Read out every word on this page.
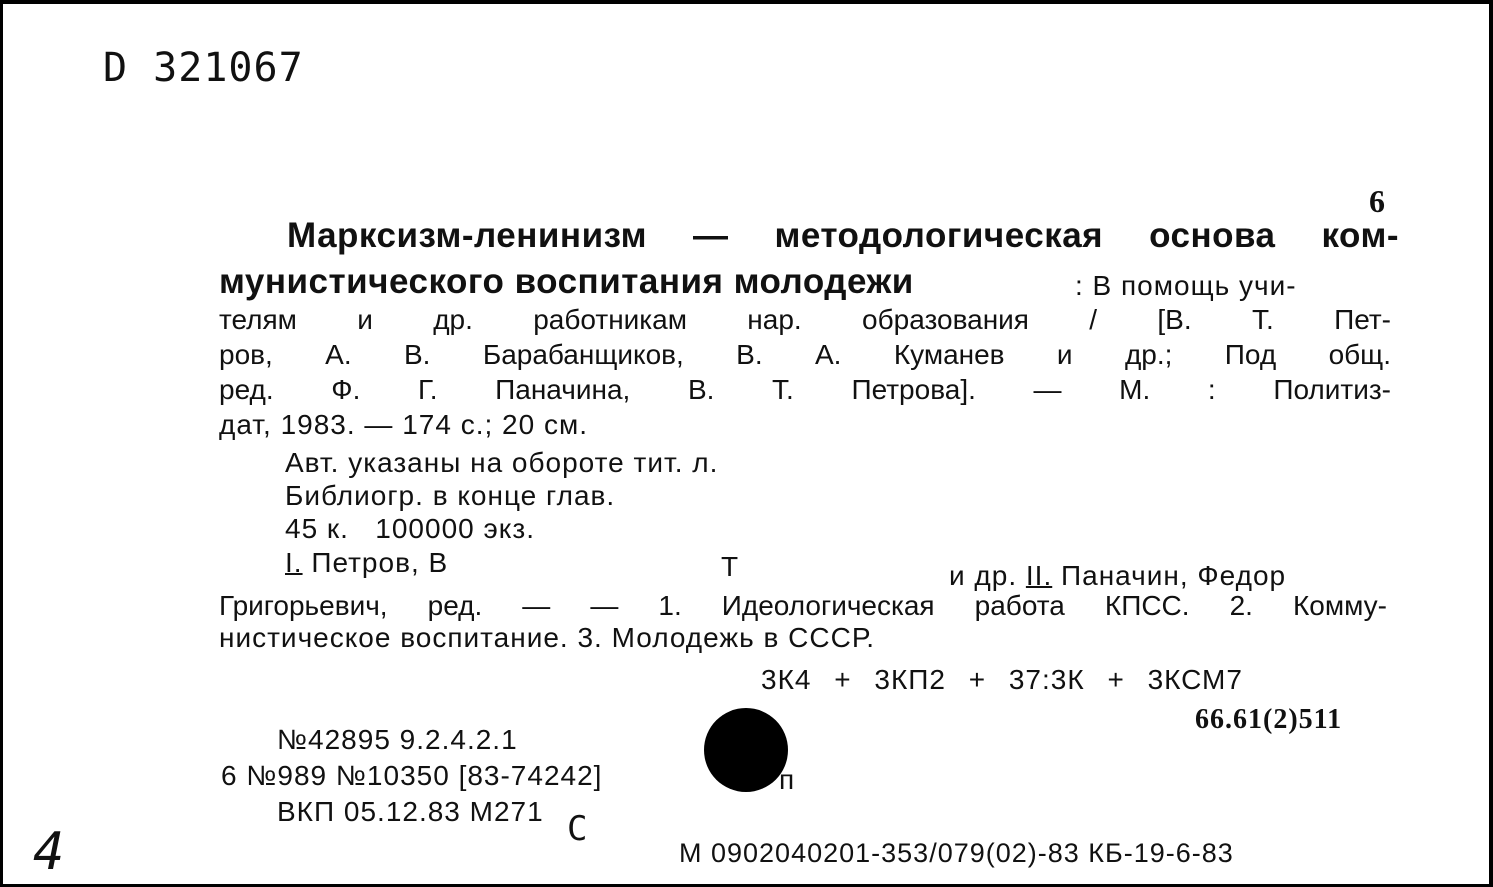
D 321067
6
Марксизм-ленинизм — методологическая основа ком-
мунистического воспитания молодежи	: В помощь учи-
телям и др. работникам нар. образования / [В. Т. Пет-
ров, А. В. Барабанщиков, В. А. Куманев и др.; Под общ.
ред. Ф. Г. Паначина, В. Т. Петрова]. — М. : Политиз-
дат, 1983. — 174 с.; 20 см.
Авт. указаны на обороте тит. л.
Библиогр. в конце глав.
45 к.   100000 экз.
I. Петров, В	Т	и др. II. Паначин, Федор
Григорьевич, ред. — — 1. Идеологическая работа КПСС. 2. Комму-
нистическое воспитание. 3. Молодежь в СССР.
3К4 + 3КП2 + 37:3К + 3КСМ7
66.61(2)511
№42895 9.2.4.2.1
6 №989 №10350 [83-74242]	п
ВКП 05.12.83 М271 С
М 0902040201-353/079(02)-83 КБ-19-6-83
4
